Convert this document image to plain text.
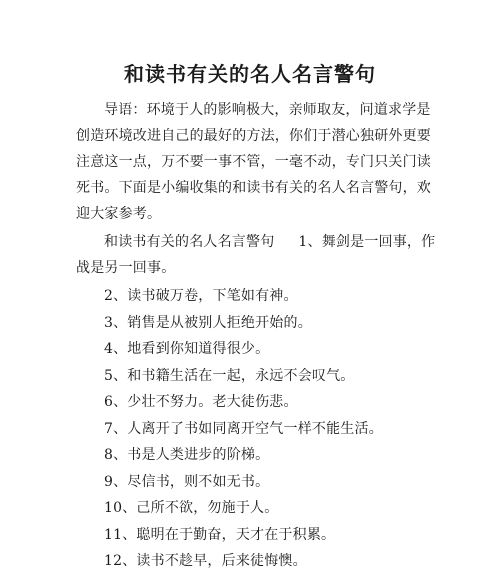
和读书有关的名人名言警句

导语：环境于人的影响极大，亲师取友，问道求学是创造环境改进自己的最好的方法，你们于潜心独研外更要注意这一点，万不要一事不管，一毫不动，专门只关门读死书。下面是小编收集的和读书有关的名人名言警句，欢迎大家参考。

和读书有关的名人名言警句 1、舞剑是一回事，作战是另一回事。

2、读书破万卷，下笔如有神。
3、销售是从被别人拒绝开始的。
4、地看到你知道得很少。
5、和书籍生活在一起，永远不会叹气。
6、少壮不努力。老大徒伤悲。
7、人离开了书如同离开空气一样不能生活。
8、书是人类进步的阶梯。
9、尽信书，则不如无书。
10、己所不欲，勿施于人。
11、聪明在于勤奋，天才在于积累。
12、读书不趁早，后来徒悔懊。
